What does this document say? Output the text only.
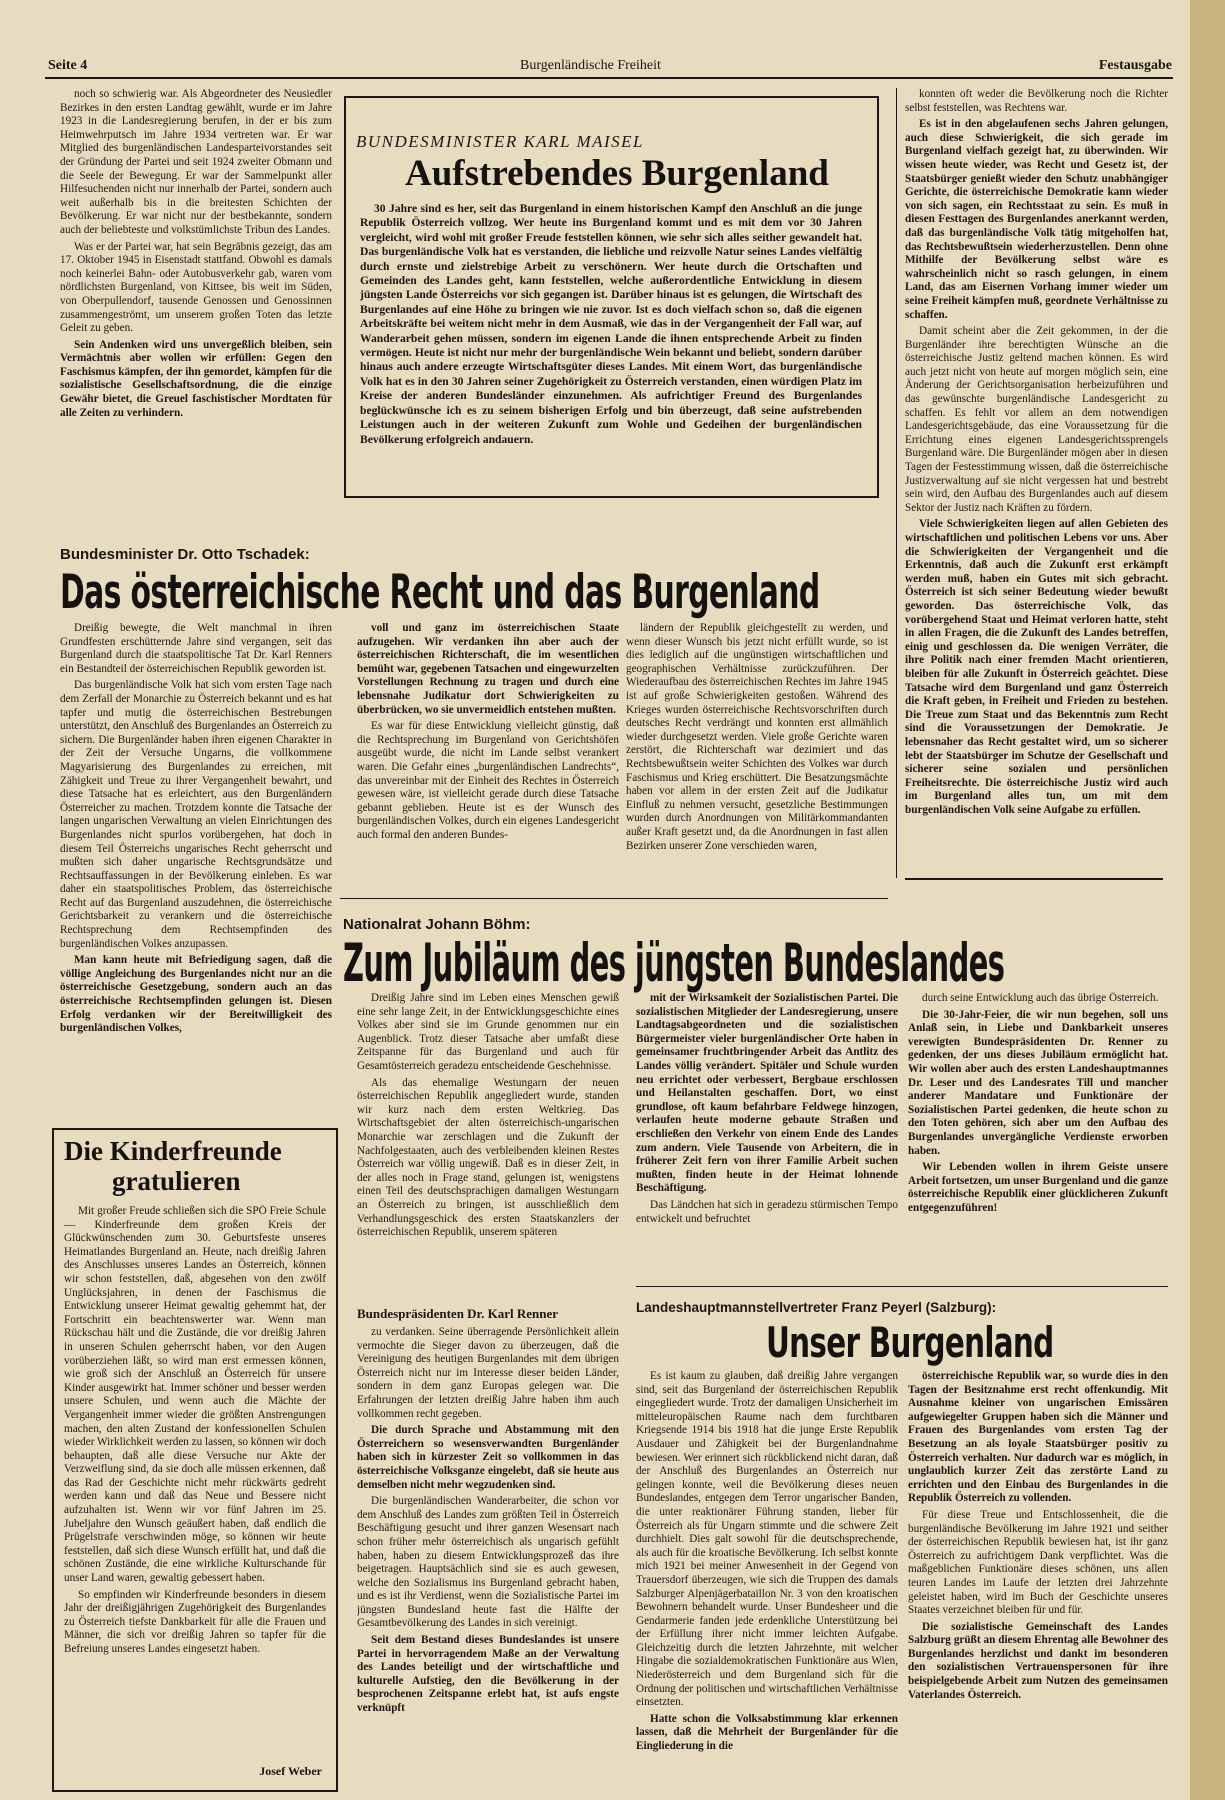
Seite 4	Burgenländische Freiheit	Festausgabe

noch so schwierig war. Als Abgeordneter des Neusiedler Bezirkes in den ersten Landtag gewählt, wurde er im Jahre 1923 in die Landesregierung berufen, in der er bis zum Heimwehrputsch im Jahre 1934 vertreten war. Er war Mitglied des burgenländischen Landesparteivorstandes seit der Gründung der Partei und seit 1924 zweiter Obmann und die Seele der Bewegung. Er war der Sammelpunkt aller Hilfesuchenden nicht nur innerhalb der Partei, sondern auch weit außerhalb bis in die breitesten Schichten der Bevölkerung. Er war nicht nur der bestbekannte, sondern auch der beliebteste und volkstümlichste Tribun des Landes.

Was er der Partei war, hat sein Begräbnis gezeigt, das am 17. Oktober 1945 in Eisenstadt stattfand. Obwohl es damals noch keinerlei Bahn- oder Autobusverkehr gab, waren vom nördlichsten Burgenland, von Kittsee, bis weit im Süden, von Oberpullendorf, tausende Genossen und Genossinnen zusammengeströmt, um unserem großen Toten das letzte Geleit zu geben.

Sein Andenken wird uns unvergeßlich bleiben, sein Vermächtnis aber wollen wir erfüllen: Gegen den Faschismus kämpfen, der ihn gemordet, kämpfen für die sozialistische Gesellschaftsordnung, die die einzige Gewähr bietet, die Greuel faschistischer Mordtaten für alle Zeiten zu verhindern.

BUNDESMINISTER KARL MAISEL
Aufstrebendes Burgenland
30 Jahre sind es her, seit das Burgenland in einem historischen Kampf den Anschluß an die junge Republik Österreich vollzog. Wer heute ins Burgenland kommt und es mit dem vor 30 Jahren vergleicht, wird wohl mit großer Freude feststellen können, wie sehr sich alles seither gewandelt hat. Das burgenländische Volk hat es verstanden, die liebliche und reizvolle Natur seines Landes vielfältig durch ernste und zielstrebige Arbeit zu verschönern. Wer heute durch die Ortschaften und Gemeinden des Landes geht, kann feststellen, welche außerordentliche Entwicklung in diesem jüngsten Lande Österreichs vor sich gegangen ist. Darüber hinaus ist es gelungen, die Wirtschaft des Burgenlandes auf eine Höhe zu bringen wie nie zuvor. Ist es doch vielfach schon so, daß die eigenen Arbeitskräfte bei weitem nicht mehr in dem Ausmaß, wie das in der Vergangenheit der Fall war, auf Wanderarbeit gehen müssen, sondern im eigenen Lande die ihnen entsprechende Arbeit zu finden vermögen. Heute ist nicht nur mehr der burgenländische Wein bekannt und beliebt, sondern darüber hinaus auch andere erzeugte Wirtschaftsgüter dieses Landes. Mit einem Wort, das burgenländische Volk hat es in den 30 Jahren seiner Zugehörigkeit zu Österreich verstanden, einen würdigen Platz im Kreise der anderen Bundesländer einzunehmen. Als aufrichtiger Freund des Burgenlandes beglückwünsche ich es zu seinem bisherigen Erfolg und bin überzeugt, daß seine aufstrebenden Leistungen auch in der weiteren Zukunft zum Wohle und Gedeihen der burgenländischen Bevölkerung erfolgreich andauern.

konnten oft weder die Bevölkerung noch die Richter selbst feststellen, was Rechtens war.

Es ist in den abgelaufenen sechs Jahren gelungen, auch diese Schwierigkeit, die sich gerade im Burgenland vielfach gezeigt hat, zu überwinden. Wir wissen heute wieder, was Recht und Gesetz ist, der Staatsbürger genießt wieder den Schutz unabhängiger Gerichte, die österreichische Demokratie kann wieder von sich sagen, ein Rechtsstaat zu sein. Es muß in diesen Festtagen des Burgenlandes anerkannt werden, daß das burgenländische Volk tätig mitgeholfen hat, das Rechtsbewußtsein wiederherzustellen. Denn ohne Mithilfe der Bevölkerung selbst wäre es wahrscheinlich nicht so rasch gelungen, in einem Land, das am Eisernen Vorhang immer wieder um seine Freiheit kämpfen muß, geordnete Verhältnisse zu schaffen.

Damit scheint aber die Zeit gekommen, in der die Burgenländer ihre berechtigten Wünsche an die österreichische Justiz geltend machen können. Es wird auch jetzt nicht von heute auf morgen möglich sein, eine Änderung der Gerichtsorganisation herbeizuführen und das gewünschte burgenländische Landesgericht zu schaffen. Es fehlt vor allem an dem notwendigen Landesgerichtsgebäude, das eine Voraussetzung für die Errichtung eines eigenen Landesgerichtssprengels Burgenland wäre. Die Burgenländer mögen aber in diesen Tagen der Festesstimmung wissen, daß die österreichische Justizverwaltung auf sie nicht vergessen hat und bestrebt sein wird, den Aufbau des Burgenlandes auch auf diesem Sektor der Justiz nach Kräften zu fördern.

Viele Schwierigkeiten liegen auf allen Gebieten des wirtschaftlichen und politischen Lebens vor uns. Aber die Schwierigkeiten der Vergangenheit und die Erkenntnis, daß auch die Zukunft erst erkämpft werden muß, haben ein Gutes mit sich gebracht. Österreich ist sich seiner Bedeutung wieder bewußt geworden. Das österreichische Volk, das vorübergehend Staat und Heimat verloren hatte, steht in allen Fragen, die die Zukunft des Landes betreffen, einig und geschlossen da. Die wenigen Verräter, die ihre Politik nach einer fremden Macht orientieren, bleiben für alle Zukunft in Österreich geächtet. Diese Tatsache wird dem Burgenland und ganz Österreich die Kraft geben, in Freiheit und Frieden zu bestehen. Die Treue zum Staat und das Bekenntnis zum Recht sind die Voraussetzungen der Demokratie. Je lebensnaher das Recht gestaltet wird, um so sicherer lebt der Staatsbürger im Schutze der Gesellschaft und sicherer seine sozialen und persönlichen Freiheitsrechte. Die österreichische Justiz wird auch im Burgenland alles tun, um mit dem burgenländischen Volk seine Aufgabe zu erfüllen.

Bundesminister Dr. Otto Tschadek:
Das österreichische Recht und das Burgenland

Dreißig bewegte, die Welt manchmal in ihren Grundfesten erschütternde Jahre sind vergangen, seit das Burgenland durch die staatspolitische Tat Dr. Karl Renners ein Bestandteil der österreichischen Republik geworden ist.

Das burgenländische Volk hat sich vom ersten Tage nach dem Zerfall der Monarchie zu Österreich bekannt und es hat tapfer und mutig die österreichischen Bestrebungen unterstützt, den Anschluß des Burgenlandes an Österreich zu sichern. Die Burgenländer haben ihren eigenen Charakter in der Zeit der Versuche Ungarns, die vollkommene Magyarisierung des Burgenlandes zu erreichen, mit Zähigkeit und Treue zu ihrer Vergangenheit bewahrt, und diese Tatsache hat es erleichtert, aus den Burgenländern Österreicher zu machen. Trotzdem konnte die Tatsache der langen ungarischen Verwaltung an vielen Einrichtungen des Burgenlandes nicht spurlos vorübergehen, hat doch in diesem Teil Österreichs ungarisches Recht geherrscht und mußten sich daher ungarische Rechtsgrundsätze und Rechtsauffassungen in der Bevölkerung einleben. Es war daher ein staatspolitisches Problem, das österreichische Recht auf das Burgenland auszudehnen, die österreichische Gerichtsbarkeit zu verankern und die österreichische Rechtsprechung dem Rechtsempfinden des burgenländischen Volkes anzupassen.

Man kann heute mit Befriedigung sagen, daß die völlige Angleichung des Burgenlandes nicht nur an die österreichische Gesetzgebung, sondern auch an das österreichische Rechtsempfinden gelungen ist. Diesen Erfolg verdanken wir der Bereitwilligkeit des burgenländischen Volkes,

voll und ganz im österreichischen Staate aufzugehen. Wir verdanken ihn aber auch der österreichischen Richterschaft, die im wesentlichen bemüht war, gegebenen Tatsachen und eingewurzelten Vorstellungen Rechnung zu tragen und durch eine lebensnahe Judikatur dort Schwierigkeiten zu überbrücken, wo sie unvermeidlich entstehen mußten.

Es war für diese Entwicklung vielleicht günstig, daß die Rechtsprechung im Burgenland von Gerichtshöfen ausgeübt wurde, die nicht im Lande selbst verankert waren. Die Gefahr eines „burgenländischen Landrechts“, das unvereinbar mit der Einheit des Rechtes in Österreich gewesen wäre, ist vielleicht gerade durch diese Tatsache gebannt geblieben. Heute ist es der Wunsch des burgenländischen Volkes, durch ein eigenes Landesgericht auch formal den anderen Bundes-

ländern der Republik gleichgestellt zu werden, und wenn dieser Wunsch bis jetzt nicht erfüllt wurde, so ist dies lediglich auf die ungünstigen wirtschaftlichen und geographischen Verhältnisse zurückzuführen. Der Wiederaufbau des österreichischen Rechtes im Jahre 1945 ist auf große Schwierigkeiten gestoßen. Während des Krieges wurden österreichische Rechtsvorschriften durch deutsches Recht verdrängt und konnten erst allmählich wieder durchgesetzt werden. Viele große Gerichte waren zerstört, die Richterschaft war dezimiert und das Rechtsbewußtsein weiter Schichten des Volkes war durch Faschismus und Krieg erschüttert. Die Besatzungsmächte haben vor allem in der ersten Zeit auf die Judikatur Einfluß zu nehmen versucht, gesetzliche Bestimmungen wurden durch Anordnungen von Militärkommandanten außer Kraft gesetzt und, da die Anordnungen in fast allen Bezirken unserer Zone verschieden waren,

Nationalrat Johann Böhm:
Zum Jubiläum des jüngsten Bundeslandes

Dreißig Jahre sind im Leben eines Menschen gewiß eine sehr lange Zeit, in der Entwicklungsgeschichte eines Volkes aber sind sie im Grunde genommen nur ein Augenblick. Trotz dieser Tatsache aber umfaßt diese Zeitspanne für das Burgenland und auch für Gesamtösterreich geradezu entscheidende Geschehnisse.

Als das ehemalige Westungarn der neuen österreichischen Republik angegliedert wurde, standen wir kurz nach dem ersten Weltkrieg. Das Wirtschaftsgebiet der alten österreichisch-ungarischen Monarchie war zerschlagen und die Zukunft der Nachfolgestaaten, auch des verbleibenden kleinen Restes Österreich war völlig ungewiß. Daß es in dieser Zeit, in der alles noch in Frage stand, gelungen ist, wenigstens einen Teil des deutschsprachigen damaligen Westungarn an Österreich zu bringen, ist ausschließlich dem Verhandlungsgeschick des ersten Staatskanzlers der österreichischen Republik, unserem späteren

Bundespräsidenten Dr. Karl Renner

zu verdanken. Seine überragende Persönlichkeit allein vermochte die Sieger davon zu überzeugen, daß die Vereinigung des heutigen Burgenlandes mit dem übrigen Österreich nicht nur im Interesse dieser beiden Länder, sondern in dem ganz Europas gelegen war. Die Erfahrungen der letzten dreißig Jahre haben ihm auch vollkommen recht gegeben.

Die durch Sprache und Abstammung mit den Österreichern so wesensverwandten Burgenländer haben sich in kürzester Zeit so vollkommen in das österreichische Volksganze eingelebt, daß sie heute aus demselben nicht mehr wegzudenken sind.

Die burgenländischen Wanderarbeiter, die schon vor dem Anschluß des Landes zum größten Teil in Österreich Beschäftigung gesucht und ihrer ganzen Wesensart nach schon früher mehr österreichisch als ungarisch gefühlt haben, haben zu diesem Entwicklungsprozeß das ihre beigetragen. Hauptsächlich sind sie es auch gewesen, welche den Sozialismus ins Burgenland gebracht haben, und es ist ihr Verdienst, wenn die Sozialistische Partei im jüngsten Bundesland heute fast die Hälfte der Gesamtbevölkerung des Landes in sich vereinigt.

Seit dem Bestand dieses Bundeslandes ist unsere Partei in hervorragendem Maße an der Verwaltung des Landes beteiligt und der wirtschaftliche und kulturelle Aufstieg, den die Bevölkerung in der besprochenen Zeitspanne erlebt hat, ist aufs engste verknüpft

mit der Wirksamkeit der Sozialistischen Partei. Die sozialistischen Mitglieder der Landesregierung, unsere Landtagsabgeordneten und die sozialistischen Bürgermeister vieler burgenländischer Orte haben in gemeinsamer fruchtbringender Arbeit das Antlitz des Landes völlig verändert. Spitäler und Schule wurden neu errichtet oder verbessert, Bergbaue erschlossen und Heilanstalten geschaffen. Dort, wo einst grundlose, oft kaum befahrbare Feldwege hinzogen, verlaufen heute moderne gebaute Straßen und erschließen den Verkehr von einem Ende des Landes zum andern. Viele Tausende von Arbeitern, die in früherer Zeit fern von ihrer Familie Arbeit suchen mußten, finden heute in der Heimat lohnende Beschäftigung.

Das Ländchen hat sich in geradezu stürmischen Tempo entwickelt und befruchtet

durch seine Entwicklung auch das übrige Österreich.

Die 30-Jahr-Feier, die wir nun begehen, soll uns Anlaß sein, in Liebe und Dankbarkeit unseres verewigten Bundespräsidenten Dr. Renner zu gedenken, der uns dieses Jubiläum ermöglicht hat. Wir wollen aber auch des ersten Landeshauptmannes Dr. Leser und des Landesrates Till und mancher anderer Mandatare und Funktionäre der Sozialistischen Partei gedenken, die heute schon zu den Toten gehören, sich aber um den Aufbau des Burgenlandes unvergängliche Verdienste erworben haben.

Wir Lebenden wollen in ihrem Geiste unsere Arbeit fortsetzen, um unser Burgenland und die ganze österreichische Republik einer glücklicheren Zukunft entgegenzuführen!

Die Kinderfreunde
gratulieren

Mit großer Freude schließen sich die SPÖ Freie Schule — Kinderfreunde dem großen Kreis der Glückwünschenden zum 30. Geburtsfeste unseres Heimatlandes Burgenland an. Heute, nach dreißig Jahren des Anschlusses unseres Landes an Österreich, können wir schon feststellen, daß, abgesehen von den zwölf Unglücksjahren, in denen der Faschismus die Entwicklung unserer Heimat gewaltig gehemmt hat, der Fortschritt ein beachtenswerter war. Wenn man Rückschau hält und die Zustände, die vor dreißig Jahren in unseren Schulen geherrscht haben, vor den Augen vorüberziehen läßt, so wird man erst ermessen können, wie groß sich der Anschluß an Österreich für unsere Kinder ausgewirkt hat. Immer schöner und besser werden unsere Schulen, und wenn auch die Mächte der Vergangenheit immer wieder die größten Anstrengungen machen, den alten Zustand der konfessionellen Schulen wieder Wirklichkeit werden zu lassen, so können wir doch behaupten, daß alle diese Versuche nur Akte der Verzweiflung sind, da sie doch alle müssen erkennen, daß das Rad der Geschichte nicht mehr rückwärts gedreht werden kann und daß das Neue und Bessere nicht aufzuhalten ist. Wenn wir vor fünf Jahren im 25. Jubeljahre den Wunsch geäußert haben, daß endlich die Prügelstrafe verschwinden möge, so können wir heute feststellen, daß sich diese Wunsch erfüllt hat, und daß die schönen Zustände, die eine wirkliche Kulturschande für unser Land waren, gewaltig gebessert haben.

So empfinden wir Kinderfreunde besonders in diesem Jahr der dreißigjährigen Zugehörigkeit des Burgenlandes zu Österreich tiefste Dankbarkeit für alle die Frauen und Männer, die sich vor dreißig Jahren so tapfer für die Befreiung unseres Landes eingesetzt haben.

Josef Weber
Landeshauptmannstellvertreter Franz Peyerl (Salzburg):
Unser Burgenland

Es ist kaum zu glauben, daß dreißig Jahre vergangen sind, seit das Burgenland der österreichischen Republik eingegliedert wurde. Trotz der damaligen Unsicherheit im mitteleuropäischen Raume nach dem furchtbaren Kriegsende 1914 bis 1918 hat die junge Erste Republik Ausdauer und Zähigkeit bei der Burgenlandnahme bewiesen. Wer erinnert sich rückblickend nicht daran, daß der Anschluß des Burgenlandes an Österreich nur gelingen konnte, weil die Bevölkerung dieses neuen Bundeslandes, entgegen dem Terror ungarischer Banden, die unter reaktionärer Führung standen, lieber für Österreich als für Ungarn stimmte und die schwere Zeit durchhielt. Dies galt sowohl für die deutschsprechende, als auch für die kroatische Bevölkerung. Ich selbst konnte mich 1921 bei meiner Anwesenheit in der Gegend von Trauersdorf überzeugen, wie sich die Truppen des damals Salzburger Alpenjägerbataillon Nr. 3 von den kroatischen Bewohnern behandelt wurde. Unser Bundesheer und die Gendarmerie fanden jede erdenkliche Unterstützung bei der Erfüllung ihrer nicht immer leichten Aufgabe. Gleichzeitig durch die letzten Jahrzehnte, mit welcher Hingabe die sozialdemokratischen Funktionäre aus Wien, Niederösterreich und dem Burgenland sich für die Ordnung der politischen und wirtschaftlichen Verhältnisse einsetzten.

Hatte schon die Volksabstimmung klar erkennen lassen, daß die Mehrheit der Burgenländer für die Eingliederung in die

österreichische Republik war, so wurde dies in den Tagen der Besitznahme erst recht offenkundig. Mit Ausnahme kleiner von ungarischen Emissären aufgewiegelter Gruppen haben sich die Männer und Frauen des Burgenlandes vom ersten Tag der Besetzung an als loyale Staatsbürger positiv zu Österreich verhalten. Nur dadurch war es möglich, in unglaublich kurzer Zeit das zerstörte Land zu errichten und den Einbau des Burgenlandes in die Republik Österreich zu vollenden.

Für diese Treue und Entschlossenheit, die die burgenländische Bevölkerung im Jahre 1921 und seither der österreichischen Republik bewiesen hat, ist ihr ganz Österreich zu aufrichtigem Dank verpflichtet. Was die maßgeblichen Funktionäre dieses schönen, uns allen teuren Landes im Laufe der letzten drei Jahrzehnte geleistet haben, wird im Buch der Geschichte unseres Staates verzeichnet bleiben für und für.

Die sozialistische Gemeinschaft des Landes Salzburg grüßt an diesem Ehrentag alle Bewohner des Burgenlandes herzlichst und dankt im besonderen den sozialistischen Vertrauenspersonen für ihre beispielgebende Arbeit zum Nutzen des gemeinsamen Vaterlandes Österreich.
